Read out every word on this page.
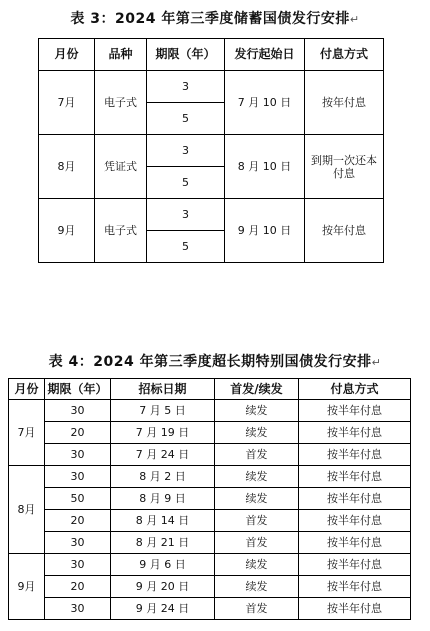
表 3：2024 年第三季度储蓄国债发行安排↵
月份	品种	期限（年）	发行起始日	付息方式
7月	电子式	3	7 月 10 日	按年付息
		5		
8月	凭证式	3	8 月 10 日	到期一次还本付息
		5		
9月	电子式	3	9 月 10 日	按年付息
		5		
表 4：2024 年第三季度超长期特别国债发行安排↵
月份	期限（年）	招标日期	首发/续发	付息方式
7月	30	7 月 5 日	续发	按半年付息
	20	7 月 19 日	续发	按半年付息
	30	7 月 24 日	首发	按半年付息
8月	30	8 月 2 日	续发	按半年付息
	50	8 月 9 日	续发	按半年付息
	20	8 月 14 日	首发	按半年付息
	30	8 月 21 日	首发	按半年付息
9月	30	9 月 6 日	续发	按半年付息
	20	9 月 20 日	续发	按半年付息
	30	9 月 24 日	首发	按半年付息
